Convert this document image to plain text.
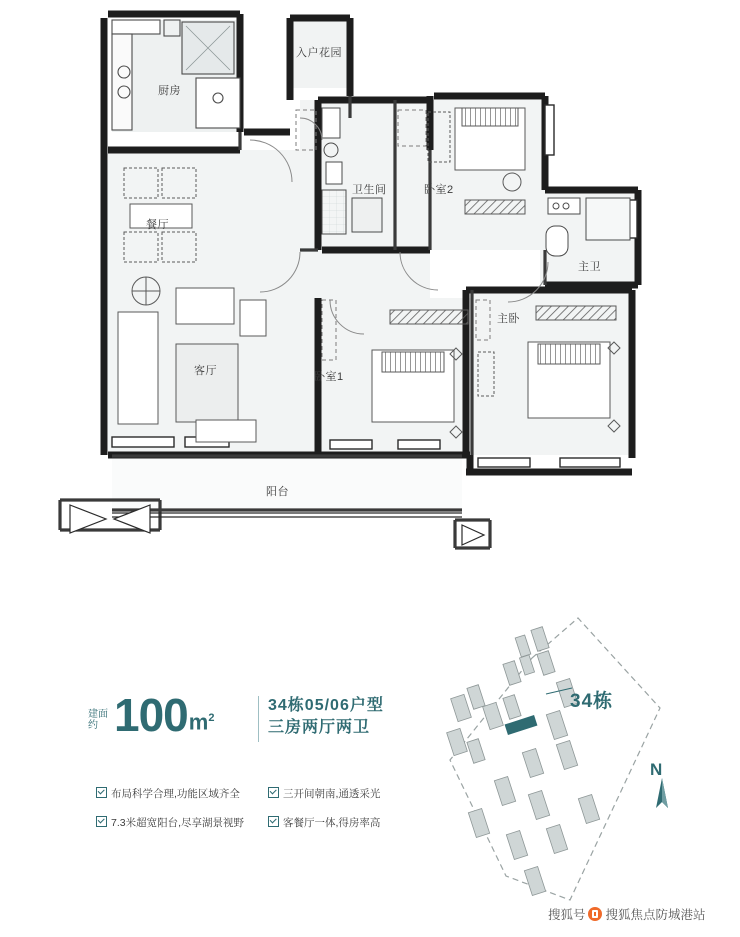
厨房
入户花园
餐厅
客厅
卫生间	卧室2
主卫
卧室1
主卧
阳台
建面约 100 $m^2$
34栋05/06户型
三房两厅两卫
布局科学合理,功能区域齐全	三开间朝南,通透采光
7.3米超宽阳台,尽享湖景视野	客餐厅一体,得房率高
34栋
N
搜狐号 搜狐焦点防城港站
